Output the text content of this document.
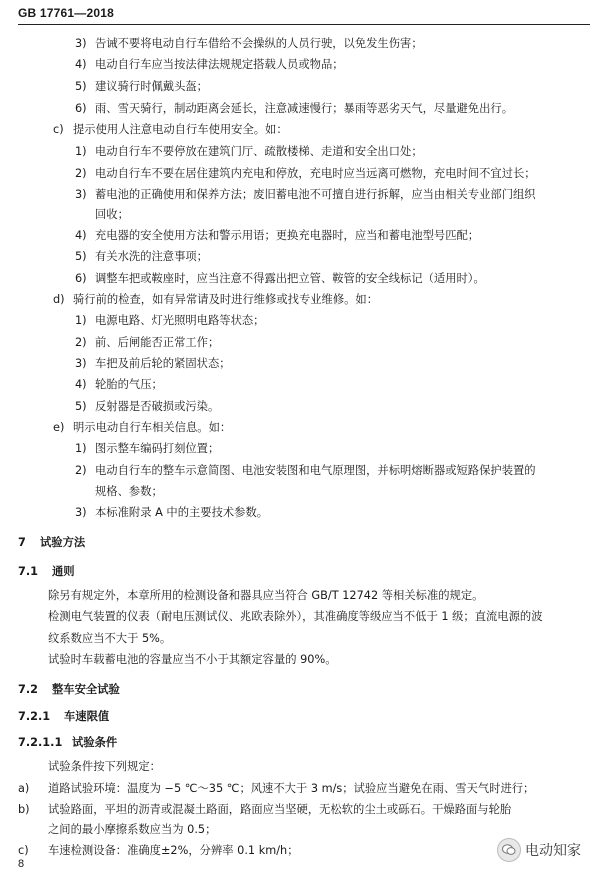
GB 17761—2018
3) 告诫不要将电动自行车借给不会操纵的人员行驶，以免发生伤害；
4) 电动自行车应当按法律法规规定搭载人员或物品；
5) 建议骑行时佩戴头盔；
6) 雨、雪天骑行，制动距离会延长，注意减速慢行；暴雨等恶劣天气，尽量避免出行。
c) 提示使用人注意电动自行车使用安全。如：
1) 电动自行车不要停放在建筑门厅、疏散楼梯、走道和安全出口处；
2) 电动自行车不要在居住建筑内充电和停放，充电时应当远离可燃物，充电时间不宜过长；
3) 蓄电池的正确使用和保养方法；废旧蓄电池不可擅自进行拆解，应当由相关专业部门组织
回收；
4) 充电器的安全使用方法和警示用语；更换充电器时，应当和蓄电池型号匹配；
5) 有关水洗的注意事项；
6) 调整车把或鞍座时，应当注意不得露出把立管、鞍管的安全线标记（适用时）。
d) 骑行前的检查，如有异常请及时进行维修或找专业维修。如：
1) 电源电路、灯光照明电路等状态；
2) 前、后闸能否正常工作；
3) 车把及前后轮的紧固状态；
4) 轮胎的气压；
5) 反射器是否破损或污染。
e) 明示电动自行车相关信息。如：
1) 图示整车编码打刻位置；
2) 电动自行车的整车示意简图、电池安装图和电气原理图，并标明熔断器或短路保护装置的
规格、参数；
3) 本标准附录 A 中的主要技术参数。
7 试验方法
7.1 通则
除另有规定外，本章所用的检测设备和器具应当符合 GB/T 12742 等相关标准的规定。
检测电气装置的仪表（耐电压测试仪、兆欧表除外），其准确度等级应当不低于 1 级；直流电源的波
纹系数应当不大于 5%。
试验时车载蓄电池的容量应当不小于其额定容量的 90%。
7.2 整车安全试验
7.2.1 车速限值
7.2.1.1 试验条件
试验条件按下列规定：
a) 道路试验环境：温度为 −5 ℃～35 ℃；风速不大于 3 m/s；试验应当避免在雨、雪天气时进行；
b) 试验路面，平坦的沥青或混凝土路面，路面应当坚硬，无松软的尘土或砾石。干燥路面与轮胎
之间的最小摩擦系数应当为 0.5；
c) 车速检测设备：准确度±2%，分辨率 0.1 km/h；
8
电动知家
